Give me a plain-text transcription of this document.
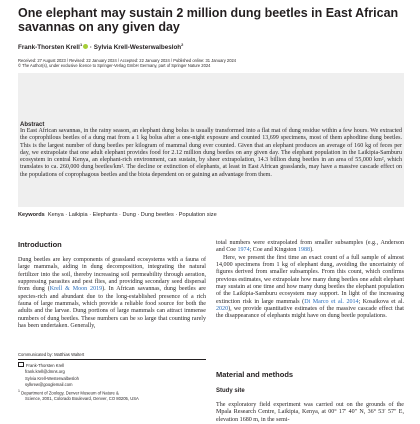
One elephant may sustain 2 million dung beetles in East African savannas on any given day
Frank-Thorsten Krell$^1$ · Sylvia Krell-Westerwalbesloh$^2$
Received: 27 August 2023 / Revised: 22 January 2024 / Accepted: 22 January 2024 / Published online: 31 January 2024
© The Author(s), under exclusive licence to Springer-Verlag GmbH Germany, part of Springer Nature 2024
Abstract
In East African savannas, in the rainy season, an elephant dung bolus is usually transformed into a flat mat of dung residue within a few hours. We extracted the coprophilous beetles of a dung mat from a 1 kg bolus after a one-night exposure and counted 13,699 specimens, most of them aphodiine dung beetles. This is the largest number of dung beetles per kilogram of mammal dung ever counted. Given that an elephant produces an average of 160 kg of feces per day, we extrapolate that one adult elephant provides food for 2.12 million dung beetles on any given day. The elephant population in the Laikipia-Samburu ecosystem in central Kenya, an elephant-rich environment, can sustain, by sheer extrapolation, 14.3 billion dung beetles in an area of 55,000 km², which translates to ca. 260,000 dung beetles/km². The decline or extinction of elephants, at least in East African grasslands, may have a massive cascade effect on the populations of coprophagous beetles and the biota dependent on or gaining an advantage from them.
Keywords Kenya · Laikipia · Elephants · Dung · Dung beetles · Population size
Introduction

Dung beetles are key components of grassland ecosystems with a fauna of large mammals, aiding in dung decomposition, integrating the natural fertilizer into the soil, thereby increasing soil permeability through aeration, suppressing parasites and pest flies, and providing secondary seed dispersal from dung (Krell & Moon 2019). In African savannas, dung beetles are species-rich and abundant due to the long-established presence of a rich fauna of large mammals, which provide a reliable food source for both the adults and the larvae. Dung portions of large mammals can attract immense numbers of dung beetles. These numbers can be so large that counting rarely has been undertaken. Generally,

Communicated by: Matthias Waltert
Frank-Thorsten Krell
frank.krell@dmns.org
Sylvia Krell-Westerwalbesloh
sylkrew@googlemail.com
$^1$ Department of Zoology, Denver Museum of Nature &
Science, 2001, Colorado Boulevard, Denver, CO 80205, USA

total numbers were extrapolated from smaller subsamples (e.g., Anderson and Coe 1974; Coe and Kingston 1988).

Here, we present the first time an exact count of a full sample of almost 14,000 specimens from 1 kg of elephant dung, avoiding the uncertainty of figures derived from smaller subsamples. From this count, which confirms previous estimates, we extrapolate how many dung beetles one adult elephant may sustain at one time and how many dung beetles the elephant population of the Laikipia-Samburu ecosystem may support. In light of the increasing extinction risk in large mammals (Di Marco et al. 2014; Kosaikova et al. 2020), we provide quantitative estimates of the massive cascade effect that the disappearance of elephants might have on dung beetle populations.

Material and methods
Study site

The exploratory field experiment was carried out on the grounds of the Mpala Research Centre, Laikipia, Kenya, at 00° 17′ 40″ N, 36° 53′ 57″ E, elevation 1680 m, in the semi-
